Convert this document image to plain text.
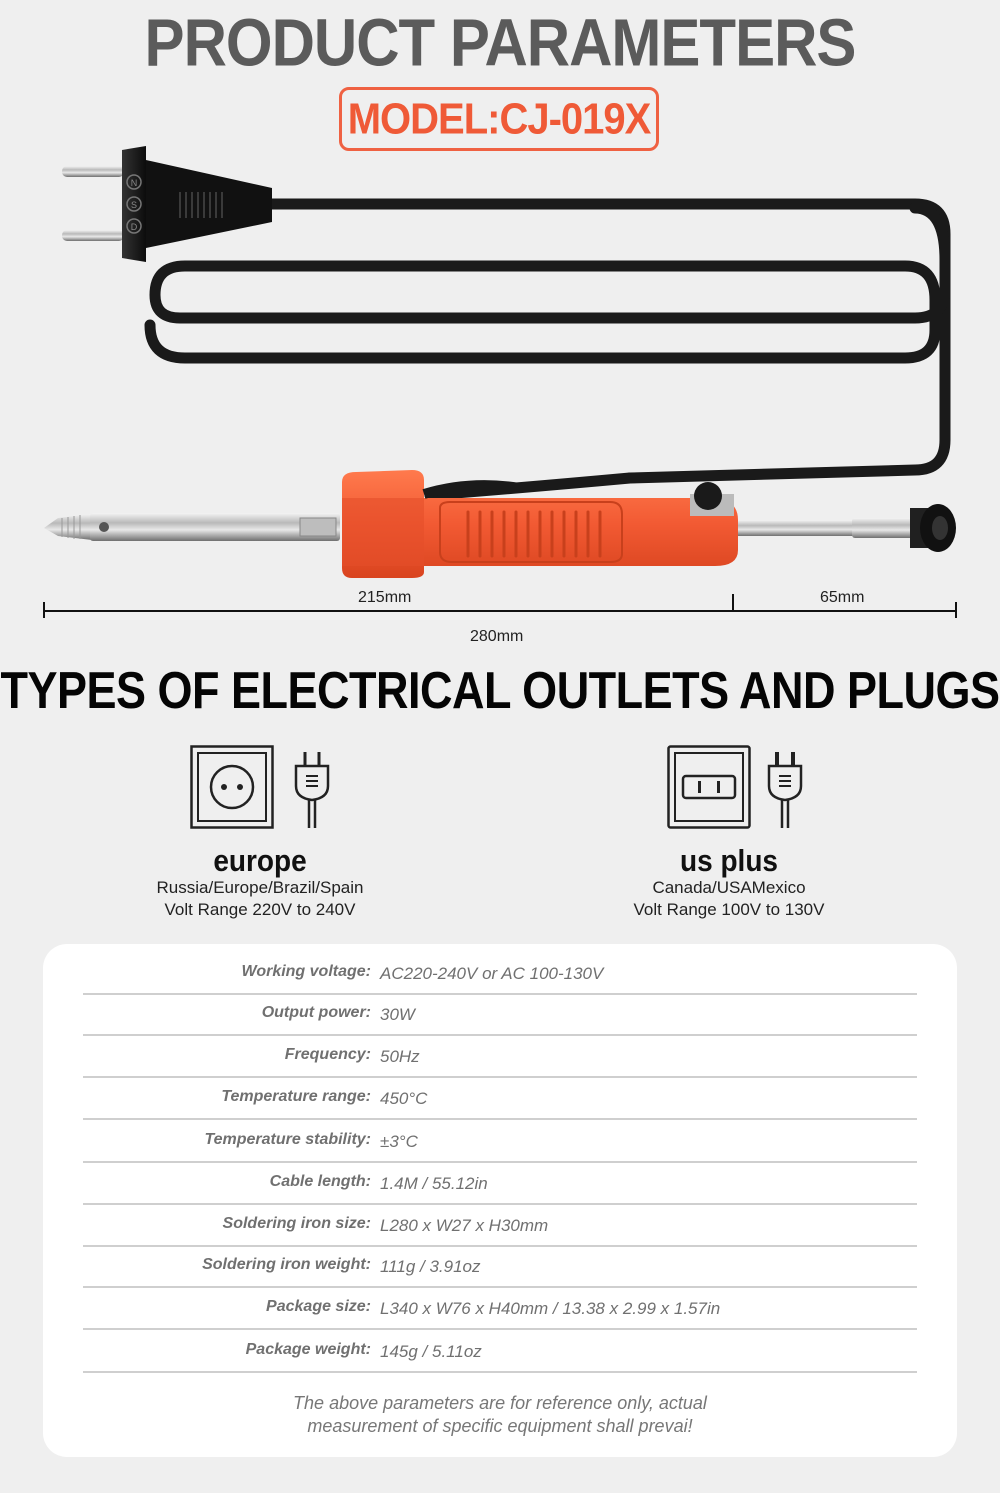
PRODUCT PARAMETERS
MODEL:CJ-019X
N
S
D
215mm	65mm
280mm
TYPES OF ELECTRICAL OUTLETS AND PLUGS
europe
Russia/Europe/Brazil/Spain
Volt Range 220V to 240V
us plus
Canada/USAMexico
Volt Range 100V to 130V
Working voltage: AC220-240V or AC 100-130V
Output power: 30W
Frequency: 50Hz
Temperature range: 450°C
Temperature stability: ±3°C
Cable length: 1.4M / 55.12in
Soldering iron size: L280 x W27 x H30mm
Soldering iron weight: 111g / 3.91oz
Package size: L340 x W76 x H40mm / 13.38 x 2.99 x 1.57in
Package weight: 145g / 5.11oz
The above parameters are for reference only, actual
measurement of specific equipment shall prevai!
